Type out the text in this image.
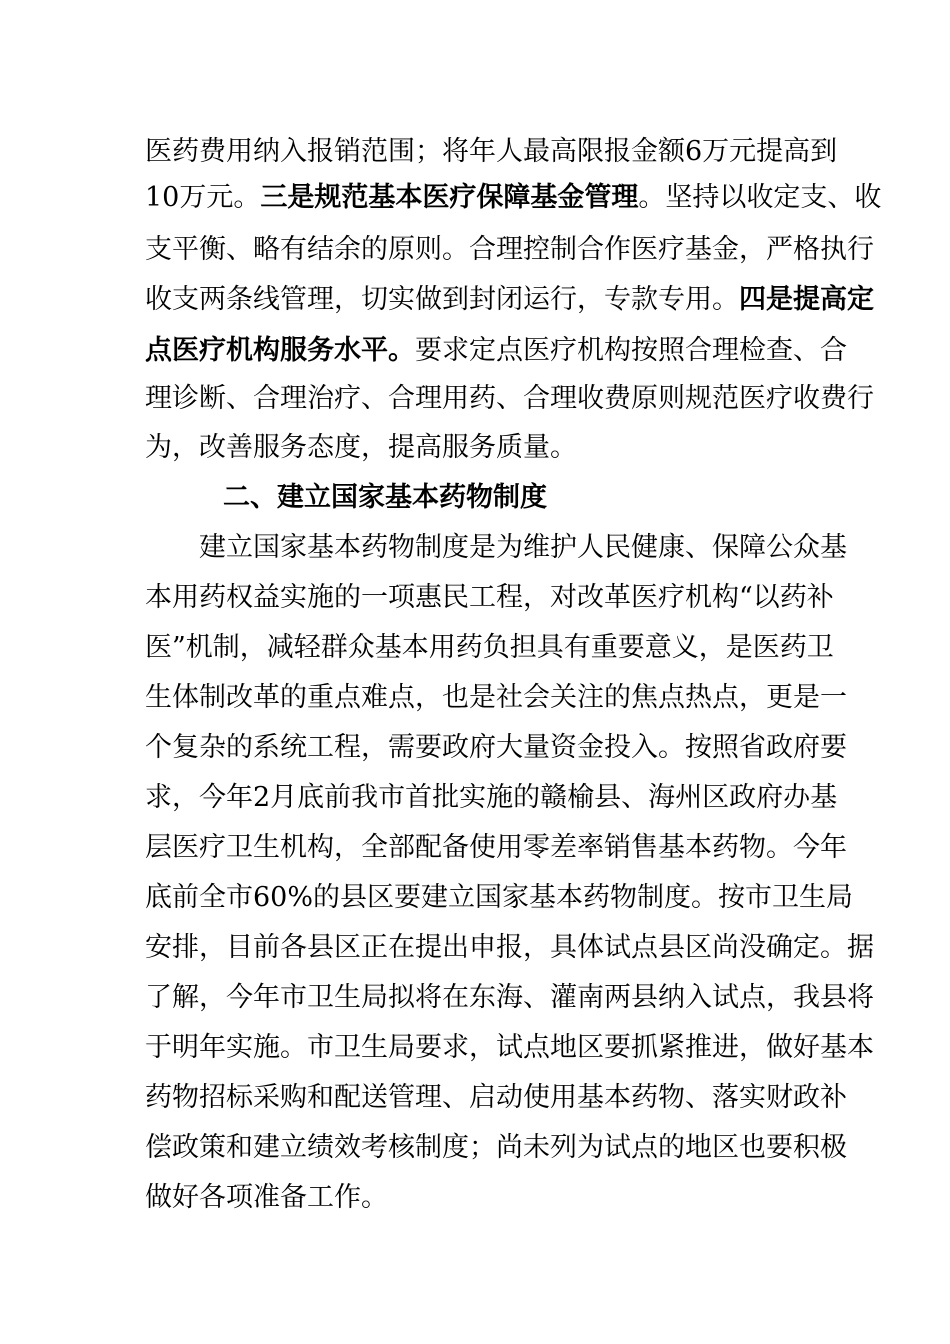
医药费用纳入报销范围；将年人最高限报金额6万元提高到
10万元。三是规范基本医疗保障基金管理。坚持以收定支、收
支平衡、略有结余的原则。合理控制合作医疗基金，严格执行
收支两条线管理，切实做到封闭运行，专款专用。四是提高定
点医疗机构服务水平。要求定点医疗机构按照合理检查、合
理诊断、合理治疗、合理用药、合理收费原则规范医疗收费行
为，改善服务态度，提高服务质量。
二、建立国家基本药物制度
建立国家基本药物制度是为维护人民健康、保障公众基
本用药权益实施的一项惠民工程，对改革医疗机构“以药补
医”机制，减轻群众基本用药负担具有重要意义，是医药卫
生体制改革的重点难点，也是社会关注的焦点热点，更是一
个复杂的系统工程，需要政府大量资金投入。按照省政府要
求，今年2月底前我市首批实施的赣榆县、海州区政府办基
层医疗卫生机构，全部配备使用零差率销售基本药物。今年
底前全市60%的县区要建立国家基本药物制度。按市卫生局
安排，目前各县区正在提出申报，具体试点县区尚没确定。据
了解，今年市卫生局拟将在东海、灌南两县纳入试点，我县将
于明年实施。市卫生局要求，试点地区要抓紧推进，做好基本
药物招标采购和配送管理、启动使用基本药物、落实财政补
偿政策和建立绩效考核制度；尚未列为试点的地区也要积极
做好各项准备工作。
